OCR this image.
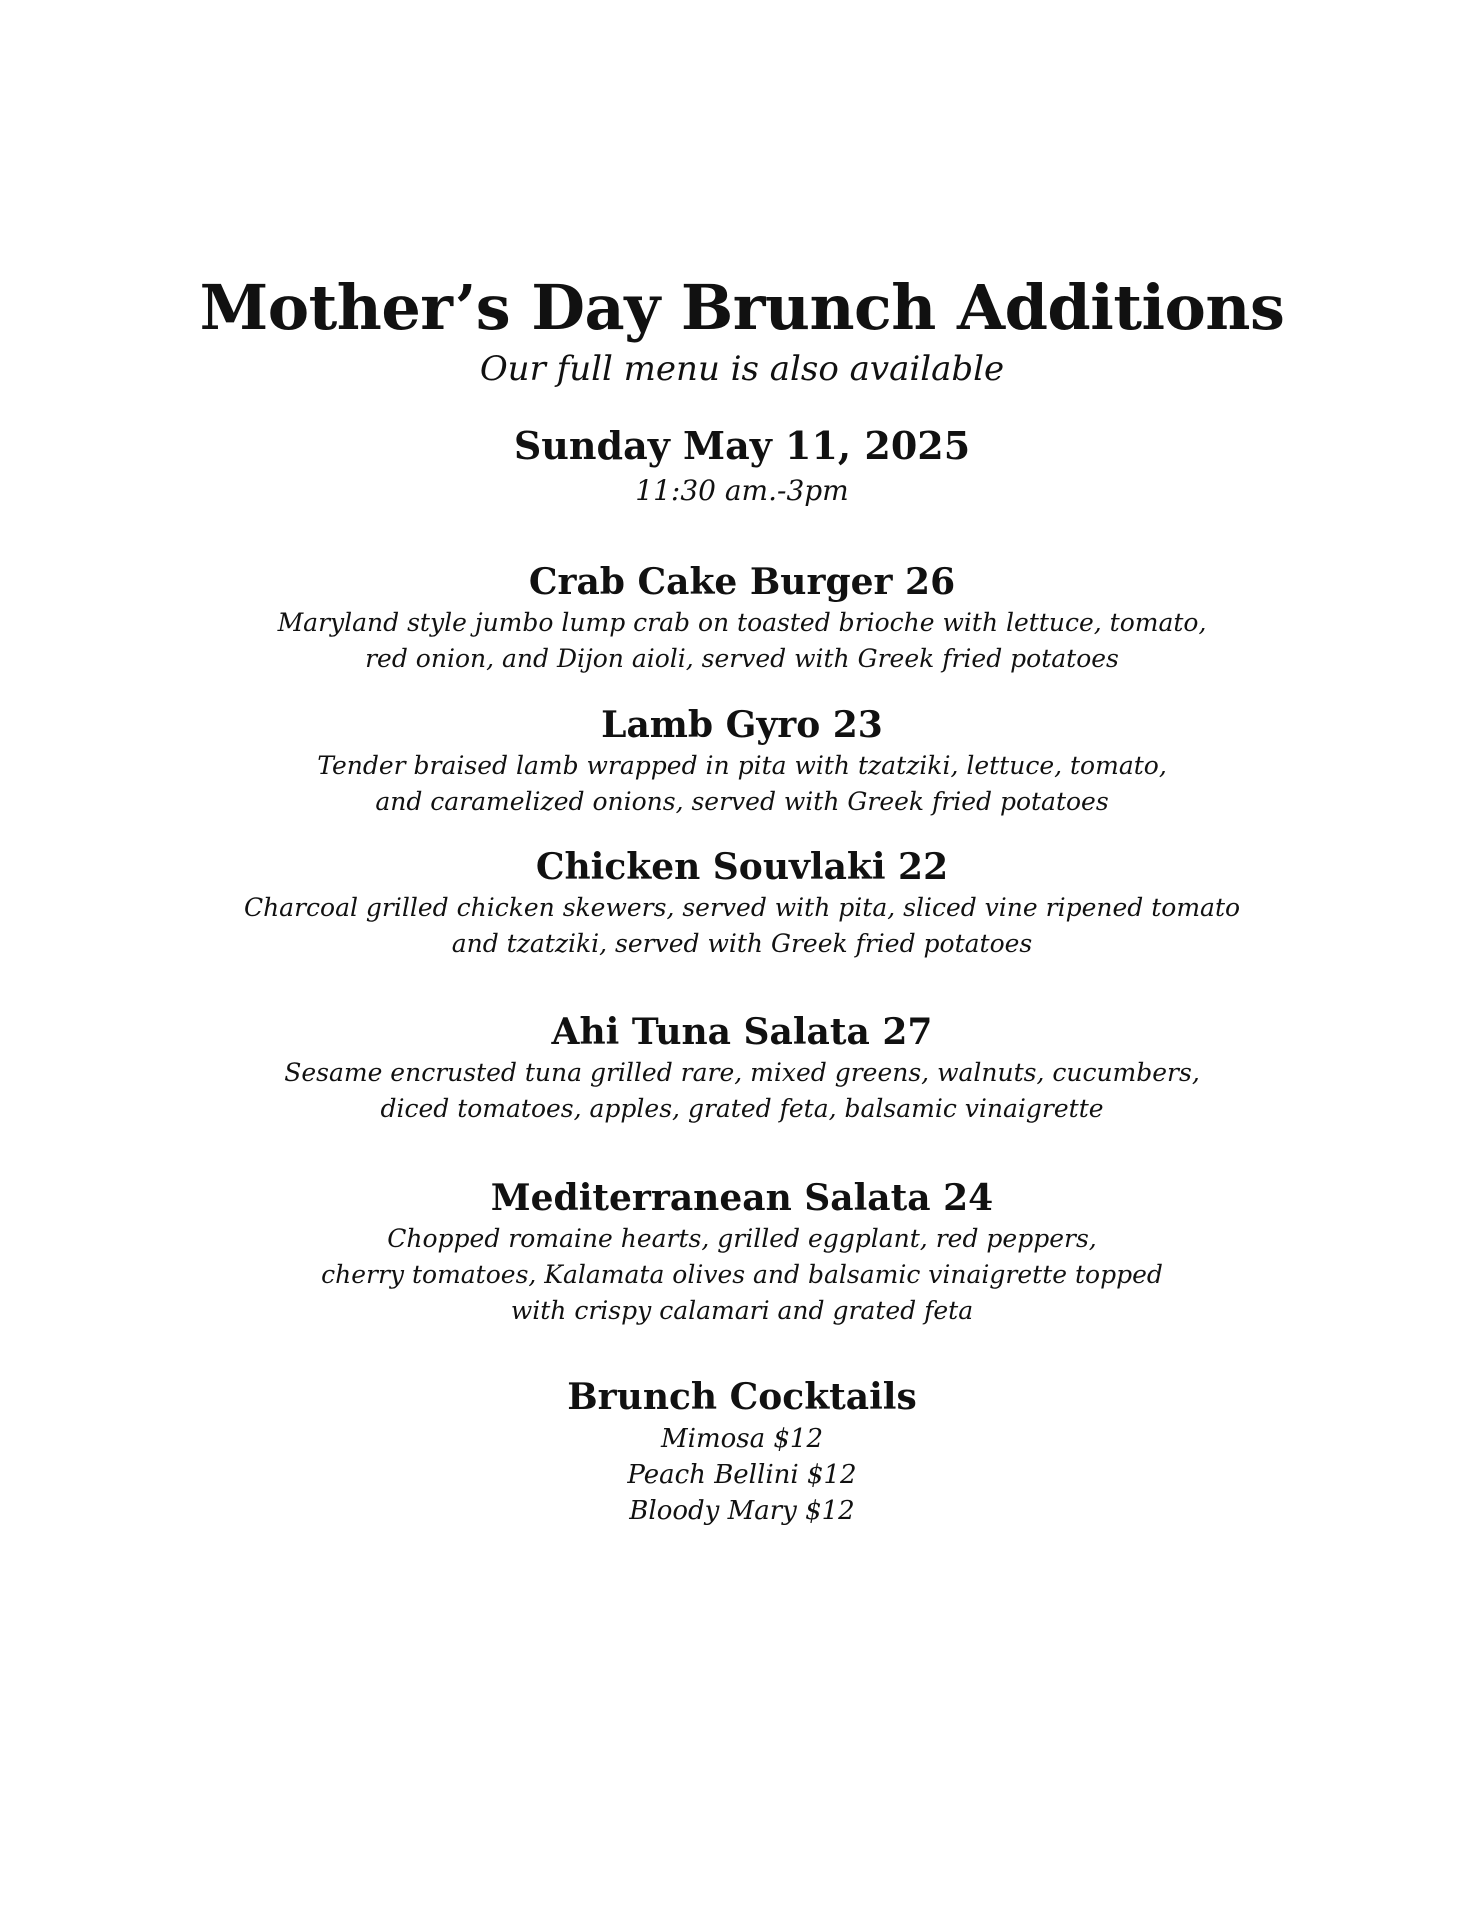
Mother’s Day Brunch Additions
Our full menu is also available
Sunday May 11, 2025
11:30 am.-3pm
Crab Cake Burger 26
Maryland style jumbo lump crab on toasted brioche with lettuce, tomato,
red onion, and Dijon aioli, served with Greek fried potatoes
Lamb Gyro 23
Tender braised lamb wrapped in pita with tzatziki, lettuce, tomato,
and caramelized onions, served with Greek fried potatoes
Chicken Souvlaki 22
Charcoal grilled chicken skewers, served with pita, sliced vine ripened tomato
and tzatziki, served with Greek fried potatoes
Ahi Tuna Salata 27
Sesame encrusted tuna grilled rare, mixed greens, walnuts, cucumbers,
diced tomatoes, apples, grated feta, balsamic vinaigrette
Mediterranean Salata 24
Chopped romaine hearts, grilled eggplant, red peppers,
cherry tomatoes, Kalamata olives and balsamic vinaigrette topped
with crispy calamari and grated feta
Brunch Cocktails
Mimosa $12
Peach Bellini $12
Bloody Mary $12
